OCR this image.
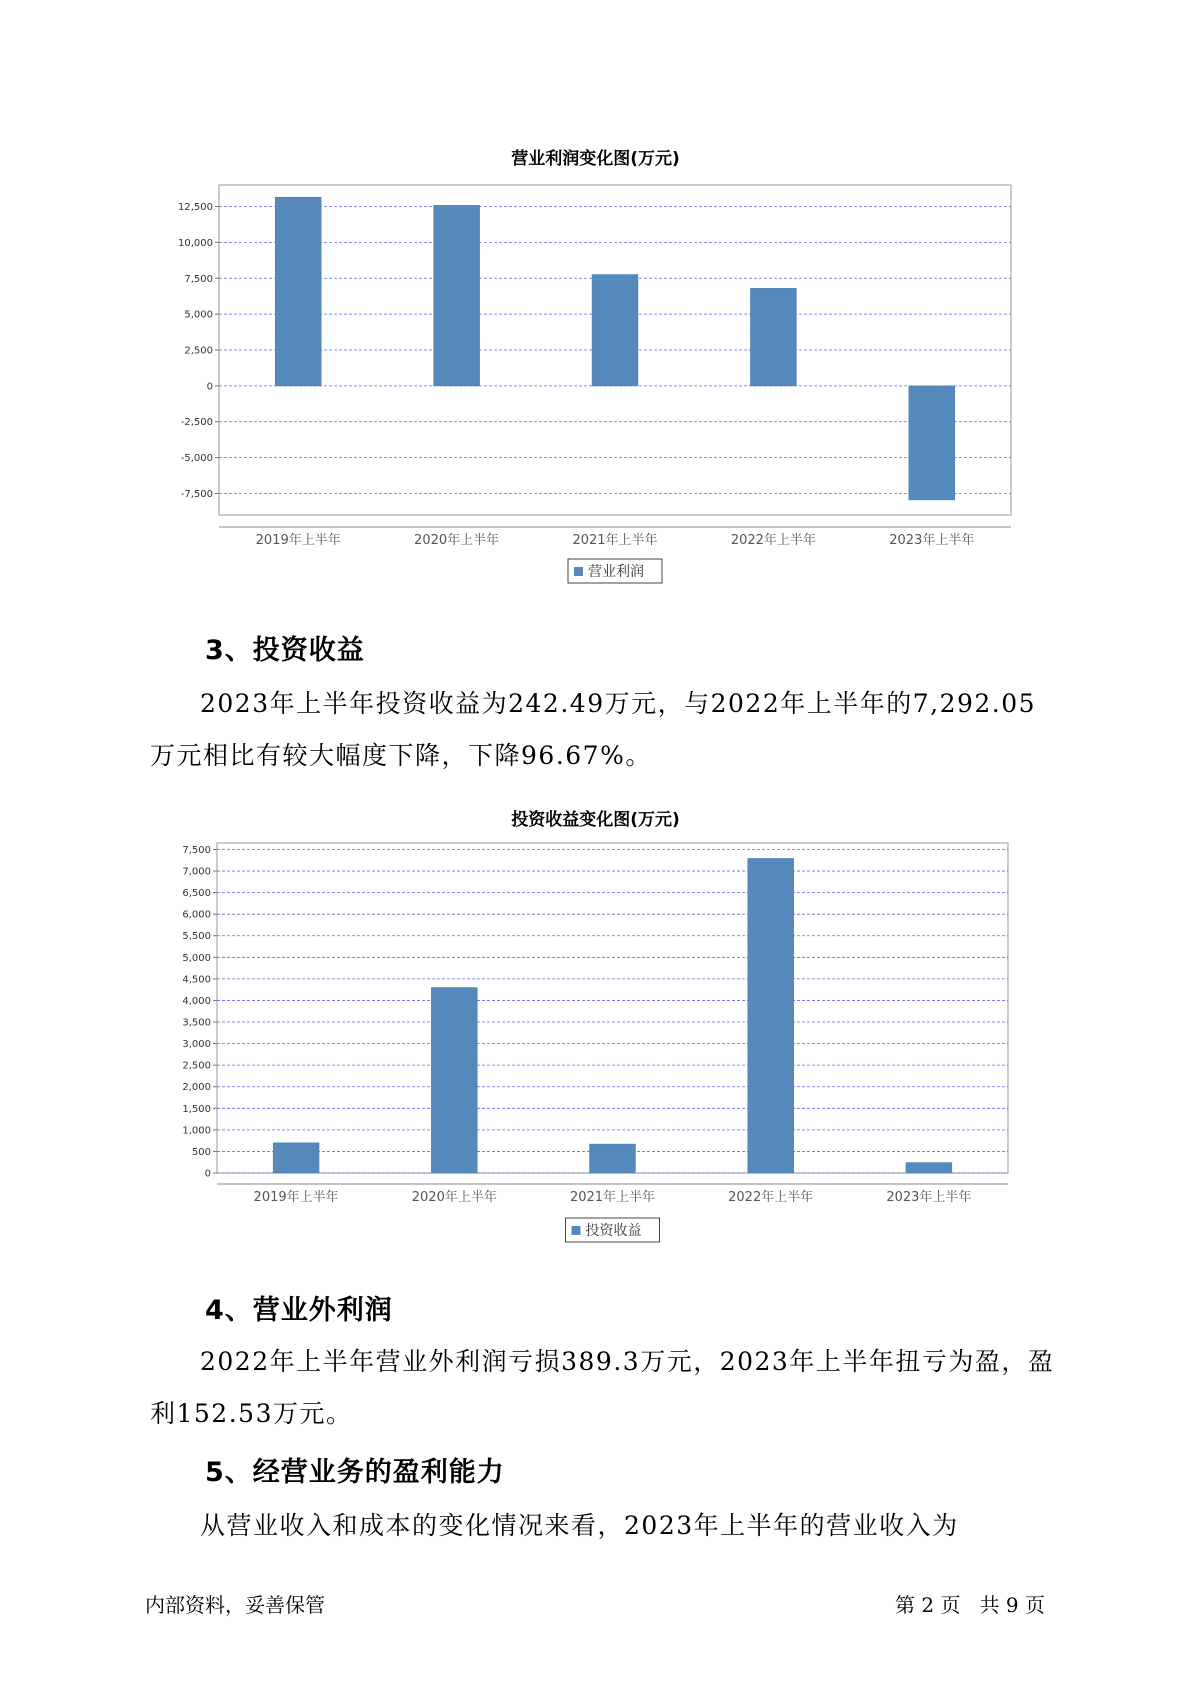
营业利润变化图(万元)
12,500
10,000
7,500
5,000
2,500
0
-2,500
-5,000
-7,500
2019年上半年	2020年上半年	2021年上半年	2022年上半年	2023年上半年
营业利润
3、投资收益

2023年上半年投资收益为242.49万元，与2022年上半年的7,292.05万元相比有较大幅度下降，下降96.67%。

投资收益变化图(万元)
7,500
7,000
6,500
6,000
5,500
5,000
4,500
4,000
3,500
3,000
2,500
2,000
1,500
1,000
500
0
2019年上半年	2020年上半年	2021年上半年	2022年上半年	2023年上半年
投资收益
4、营业外利润

2022年上半年营业外利润亏损389.3万元，2023年上半年扭亏为盈，盈利152.53万元。

5、经营业务的盈利能力

从营业收入和成本的变化情况来看，2023年上半年的营业收入为

内部资料，妥善保管	第 2 页   共 9 页
